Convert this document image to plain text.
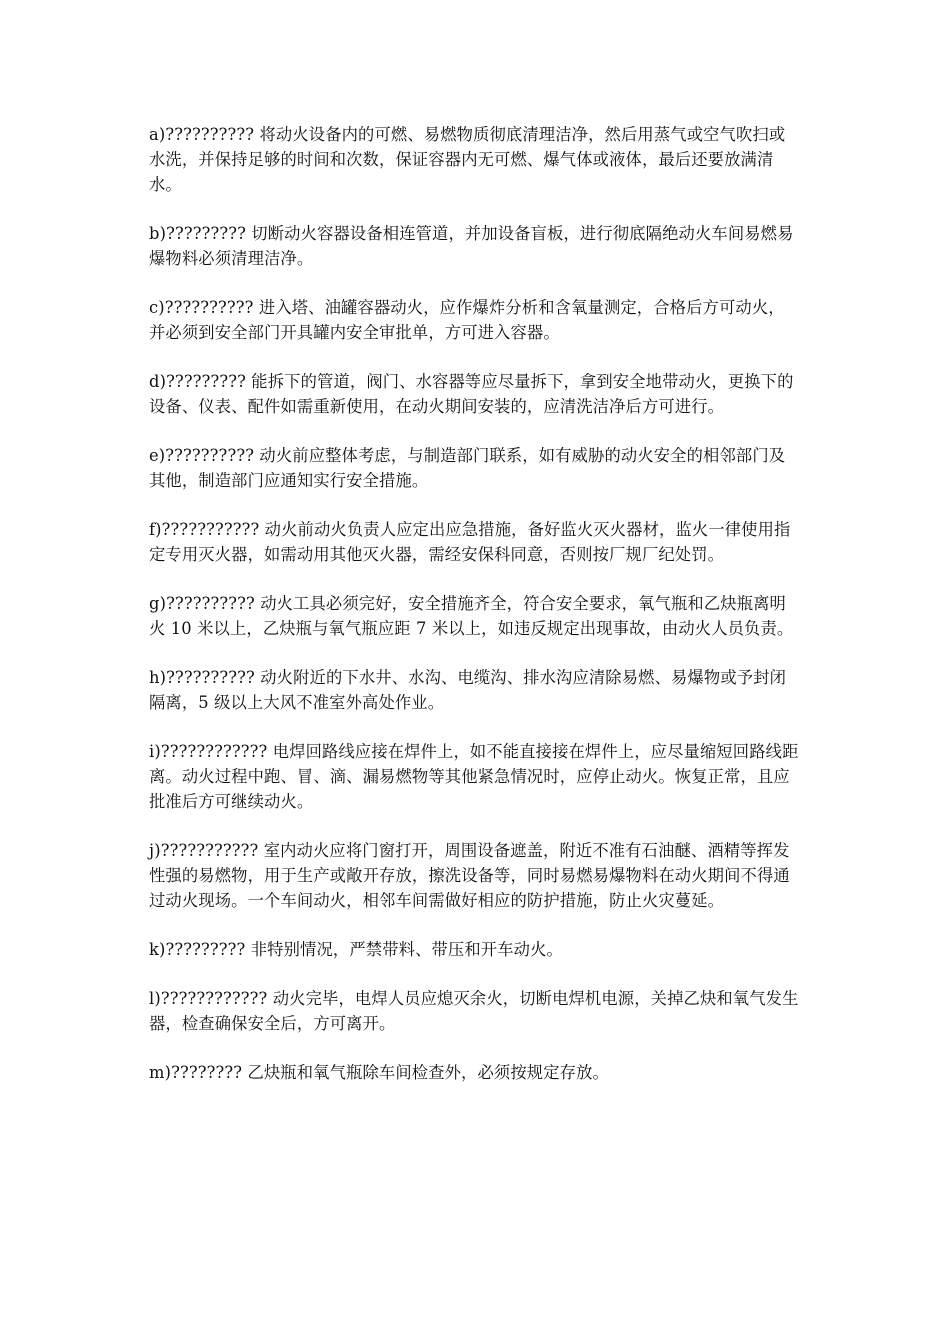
a)?????????? 将动火设备内的可燃、易燃物质彻底清理洁净，然后用蒸气或空气吹扫或水洗，并保持足够的时间和次数，保证容器内无可燃、爆气体或液体，最后还要放满清水。

b)????????? 切断动火容器设备相连管道，并加设备盲板，进行彻底隔绝动火车间易燃易爆物料必须清理洁净。

c)?????????? 进入塔、油罐容器动火，应作爆炸分析和含氧量测定，合格后方可动火，并必须到安全部门开具罐内安全审批单，方可进入容器。

d)????????? 能拆下的管道，阀门、水容器等应尽量拆下，拿到安全地带动火，更换下的设备、仪表、配件如需重新使用，在动火期间安装的，应清洗洁净后方可进行。

e)?????????? 动火前应整体考虑，与制造部门联系，如有威胁的动火安全的相邻部门及其他，制造部门应通知实行安全措施。

f)??????????? 动火前动火负责人应定出应急措施，备好监火灭火器材，监火一律使用指定专用灭火器，如需动用其他灭火器，需经安保科同意，否则按厂规厂纪处罚。

g)?????????? 动火工具必须完好，安全措施齐全，符合安全要求，氧气瓶和乙炔瓶离明火 10 米以上，乙炔瓶与氧气瓶应距 7 米以上，如违反规定出现事故，由动火人员负责。

h)?????????? 动火附近的下水井、水沟、电缆沟、排水沟应清除易燃、易爆物或予封闭隔离，5 级以上大风不准室外高处作业。

i)???????????? 电焊回路线应接在焊件上，如不能直接接在焊件上，应尽量缩短回路线距离。动火过程中跑、冒、滴、漏易燃物等其他紧急情况时，应停止动火。恢复正常，且应批准后方可继续动火。

j)??????????? 室内动火应将门窗打开，周围设备遮盖，附近不准有石油醚、酒精等挥发性强的易燃物，用于生产或敞开存放，擦洗设备等，同时易燃易爆物料在动火期间不得通过动火现场。一个车间动火，相邻车间需做好相应的防护措施，防止火灾蔓延。

k)????????? 非特别情况，严禁带料、带压和开车动火。

l)???????????? 动火完毕，电焊人员应熄灭余火，切断电焊机电源，关掉乙炔和氧气发生器，检查确保安全后，方可离开。

m)???????? 乙炔瓶和氧气瓶除车间检查外，必须按规定存放。
